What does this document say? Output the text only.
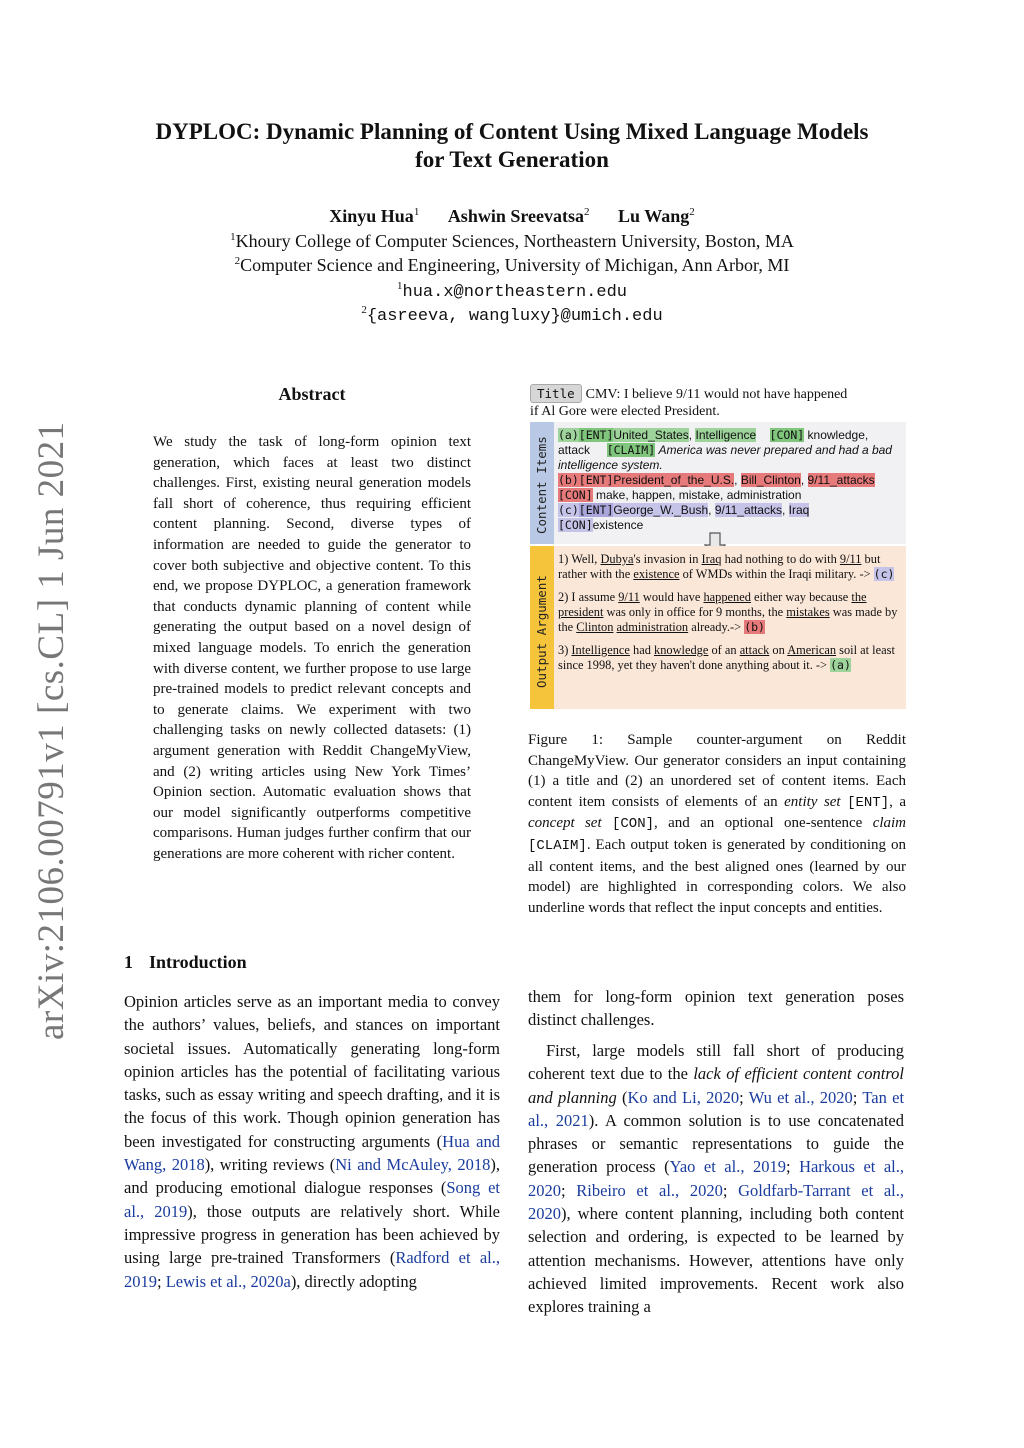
arXiv:2106.00791v1 [cs.CL] 1 Jun 2021
DYPLOC: Dynamic Planning of Content Using Mixed Language Models
for Text Generation
Xinyu Hua$^1$ Ashwin Sreevatsa$^2$ Lu Wang$^2$
$^1$Khoury College of Computer Sciences, Northeastern University, Boston, MA
$^2$Computer Science and Engineering, University of Michigan, Ann Arbor, MI
$^1$hua.x@northeastern.edu
$^2${asreeva, wangluxy}@umich.edu
Abstract
We study the task of long-form opinion text generation, which faces at least two distinct challenges. First, existing neural generation models fall short of coherence, thus requiring efficient content planning. Second, diverse types of information are needed to guide the generator to cover both subjective and objective content. To this end, we propose DYPLOC, a generation framework that conducts dynamic planning of content while generating the output based on a novel design of mixed language models. To enrich the generation with diverse content, we further propose to use large pre-trained models to predict relevant concepts and to generate claims. We experiment with two challenging tasks on newly collected datasets: (1) argument generation with Reddit ChangeMyView, and (2) writing articles using New York Times’ Opinion section. Automatic evaluation shows that our model significantly outperforms competitive comparisons. Human judges further confirm that our generations are more coherent with richer content.
Title CMV: I believe 9/11 would not have happened
if Al Gore were elected President.
Content Items
(a)[ENT]United_States, Intelligence [CON] knowledge,
attack [CLAIM] America was never prepared and had a bad intelligence system.
(b)[ENT]President_of_the_U.S., Bill_Clinton, 9/11_attacks
[CON] make, happen, mistake, administration
(c)[ENT]George_W._Bush, 9/11_attacks, Iraq
[CON]existence
Output Argument

1) Well, Dubya's invasion in Iraq had nothing to do with 9/11 but rather with the existence of WMDs within the Iraqi military. -> (c)

2) I assume 9/11 would have happened either way because the president was only in office for 9 months, the mistakes was made by the Clinton administration already.-> (b)

3) Intelligence had knowledge of an attack on American soil at least since 1998, yet they haven't done anything about it. -> (a)

Figure 1: Sample counter-argument on Reddit ChangeMyView. Our generator considers an input containing (1) a title and (2) an unordered set of content items. Each content item consists of elements of an entity set [ENT], a concept set [CON], and an optional one-sentence claim [CLAIM]. Each output token is generated by conditioning on all content items, and the best aligned ones (learned by our model) are highlighted in corresponding colors. We also underline words that reflect the input concepts and entities.
1 Introduction
Opinion articles serve as an important media to convey the authors’ values, beliefs, and stances on important societal issues. Automatically generating long-form opinion articles has the potential of facilitating various tasks, such as essay writing and speech drafting, and it is the focus of this work. Though opinion generation has been investigated for constructing arguments (Hua and Wang, 2018), writing reviews (Ni and McAuley, 2018), and producing emotional dialogue responses (Song et al., 2019), those outputs are relatively short. While impressive progress in generation has been achieved by using large pre-trained Transformers (Radford et al., 2019; Lewis et al., 2020a), directly adopting
them for long-form opinion text generation poses distinct challenges.
First, large models still fall short of producing coherent text due to the lack of efficient content control and planning (Ko and Li, 2020; Wu et al., 2020; Tan et al., 2021). A common solution is to use concatenated phrases or semantic representations to guide the generation process (Yao et al., 2019; Harkous et al., 2020; Ribeiro et al., 2020; Goldfarb-Tarrant et al., 2020), where content planning, including both content selection and ordering, is expected to be learned by attention mechanisms. However, attentions have only achieved limited improvements. Recent work also explores training a
